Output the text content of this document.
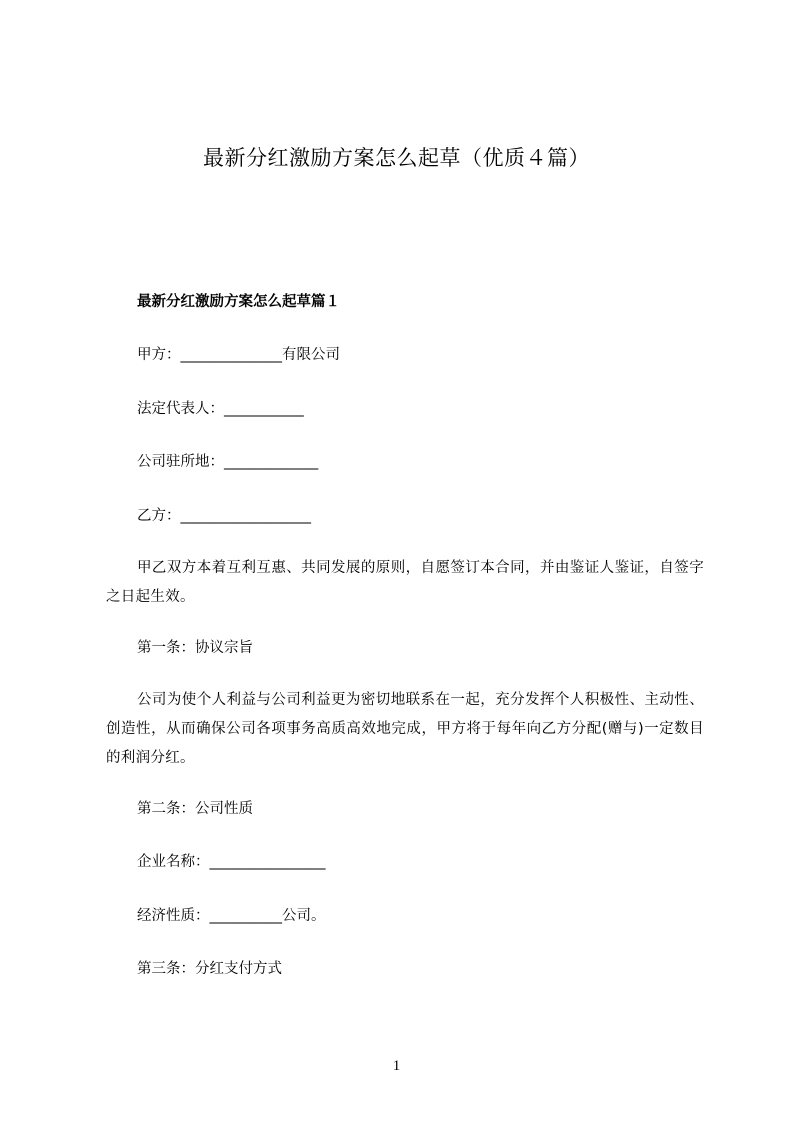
最新分红激励方案怎么起草（优质４篇）
最新分红激励方案怎么起草篇１
甲方：______________有限公司
法定代表人：___________
公司驻所地：_____________
乙方：__________________
甲乙双方本着互利互惠、共同发展的原则，自愿签订本合同，并由鉴证人鉴证，自签字之日起生效。
第一条：协议宗旨
公司为使个人利益与公司利益更为密切地联系在一起，充分发挥个人积极性、主动性、创造性，从而确保公司各项事务高质高效地完成，甲方将于每年向乙方分配(赠与)一定数目的利润分红。
第二条：公司性质
企业名称：________________
经济性质：__________公司。
第三条：分红支付方式
1
